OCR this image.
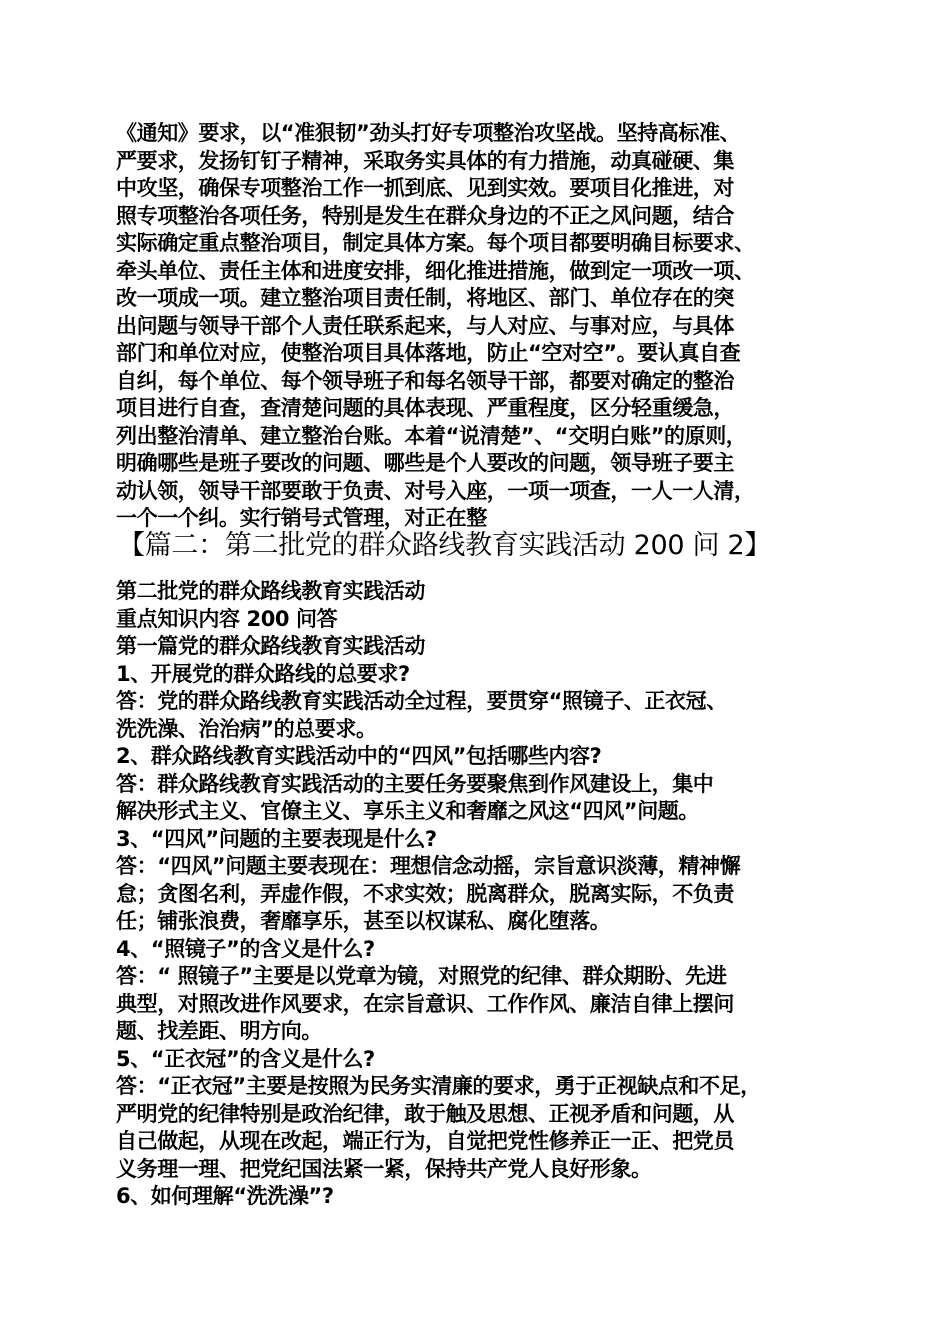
《通知》要求，以“准狠韧”劲头打好专项整治攻坚战。坚持高标准、
严要求，发扬钉钉子精神，采取务实具体的有力措施，动真碰硬、集
中攻坚，确保专项整治工作一抓到底、见到实效。要项目化推进，对
照专项整治各项任务，特别是发生在群众身边的不正之风问题，结合
实际确定重点整治项目，制定具体方案。每个项目都要明确目标要求、
牵头单位、责任主体和进度安排，细化推进措施，做到定一项改一项、
改一项成一项。建立整治项目责任制，将地区、部门、单位存在的突
出问题与领导干部个人责任联系起来，与人对应、与事对应，与具体
部门和单位对应，使整治项目具体落地，防止“空对空”。要认真自查
自纠，每个单位、每个领导班子和每名领导干部，都要对确定的整治
项目进行自查，查清楚问题的具体表现、严重程度，区分轻重缓急，
列出整治清单、建立整治台账。本着“说清楚”、“交明白账”的原则，
明确哪些是班子要改的问题、哪些是个人要改的问题，领导班子要主
动认领，领导干部要敢于负责、对号入座，一项一项查，一人一人清，
一个一个纠。实行销号式管理，对正在整
【篇二：第二批党的群众路线教育实践活动 200 问 2】
第二批党的群众路线教育实践活动
重点知识内容 200 问答
第一篇党的群众路线教育实践活动
1、开展党的群众路线的总要求?
答：党的群众路线教育实践活动全过程，要贯穿“照镜子、正衣冠、
洗洗澡、治治病”的总要求。
2、群众路线教育实践活动中的“四风”包括哪些内容?
答：群众路线教育实践活动的主要任务要聚焦到作风建设上，集中
解决形式主义、官僚主义、享乐主义和奢靡之风这“四风”问题。
3、“四风”问题的主要表现是什么?
答：“四风”问题主要表现在：理想信念动摇，宗旨意识淡薄，精神懈
怠；贪图名利，弄虚作假，不求实效；脱离群众，脱离实际，不负责
任；铺张浪费，奢靡享乐，甚至以权谋私、腐化堕落。
4、“照镜子”的含义是什么?
答：“ 照镜子”主要是以党章为镜，对照党的纪律、群众期盼、先进
典型，对照改进作风要求，在宗旨意识、工作作风、廉洁自律上摆问
题、找差距、明方向。
5、“正衣冠”的含义是什么?
答：“正衣冠”主要是按照为民务实清廉的要求，勇于正视缺点和不足，
严明党的纪律特别是政治纪律，敢于触及思想、正视矛盾和问题，从
自己做起，从现在改起，端正行为，自觉把党性修养正一正、把党员
义务理一理、把党纪国法紧一紧，保持共产党人良好形象。
6、如何理解“洗洗澡”?
